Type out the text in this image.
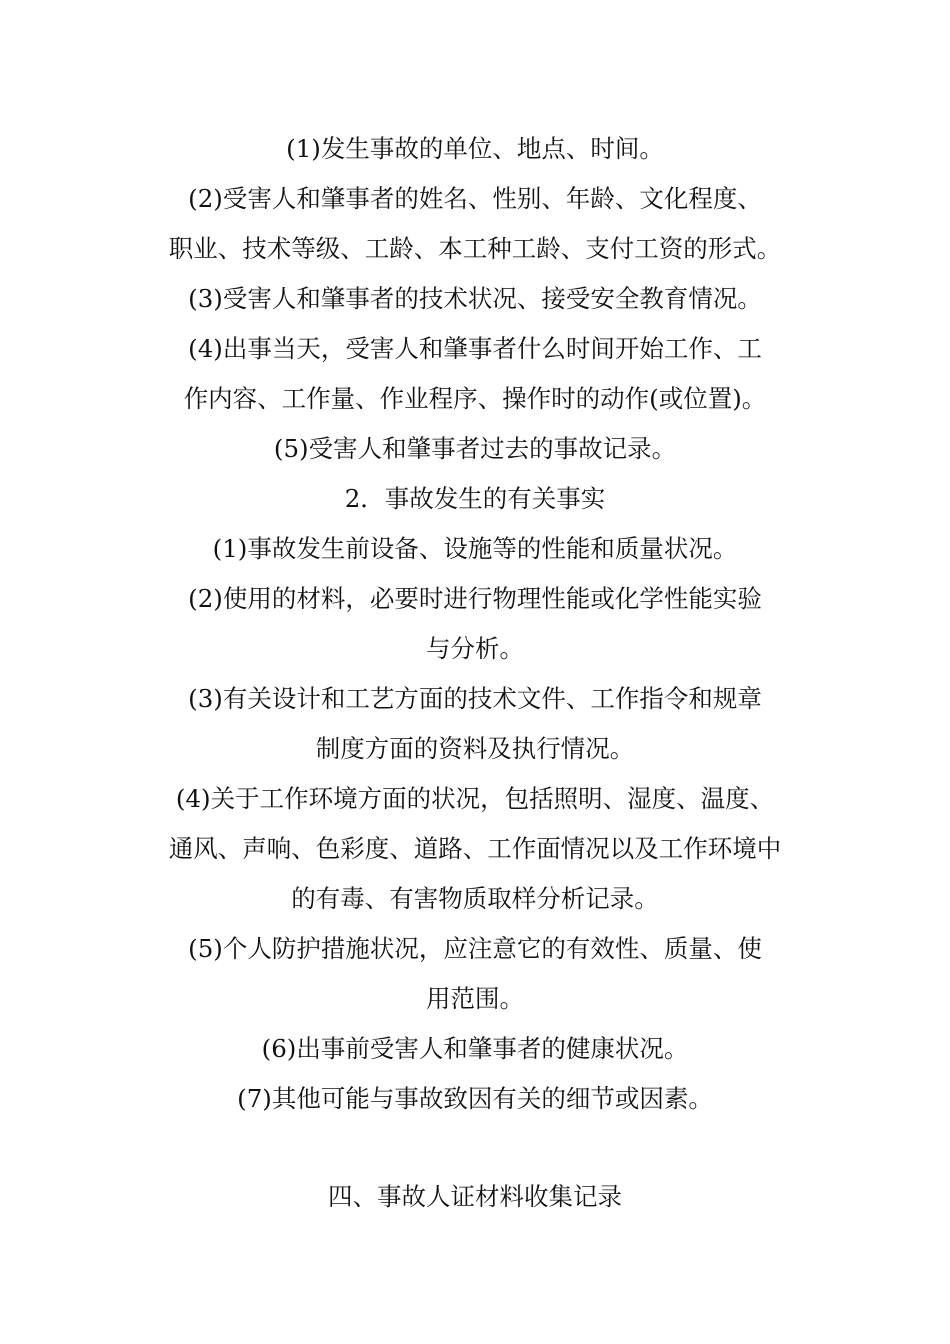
(1)发生事故的单位、地点、时间。
(2)受害人和肇事者的姓名、性别、年龄、文化程度、
职业、技术等级、工龄、本工种工龄、支付工资的形式。
(3)受害人和肇事者的技术状况、接受安全教育情况。
(4)出事当天，受害人和肇事者什么时间开始工作、工
作内容、工作量、作业程序、操作时的动作(或位置)。
(5)受害人和肇事者过去的事故记录。
2．事故发生的有关事实
(1)事故发生前设备、设施等的性能和质量状况。
(2)使用的材料，必要时进行物理性能或化学性能实验
与分析。
(3)有关设计和工艺方面的技术文件、工作指令和规章
制度方面的资料及执行情况。
(4)关于工作环境方面的状况，包括照明、湿度、温度、
通风、声响、色彩度、道路、工作面情况以及工作环境中
的有毒、有害物质取样分析记录。
(5)个人防护措施状况，应注意它的有效性、质量、使
用范围。
(6)出事前受害人和肇事者的健康状况。
(7)其他可能与事故致因有关的细节或因素。
四、事故人证材料收集记录
